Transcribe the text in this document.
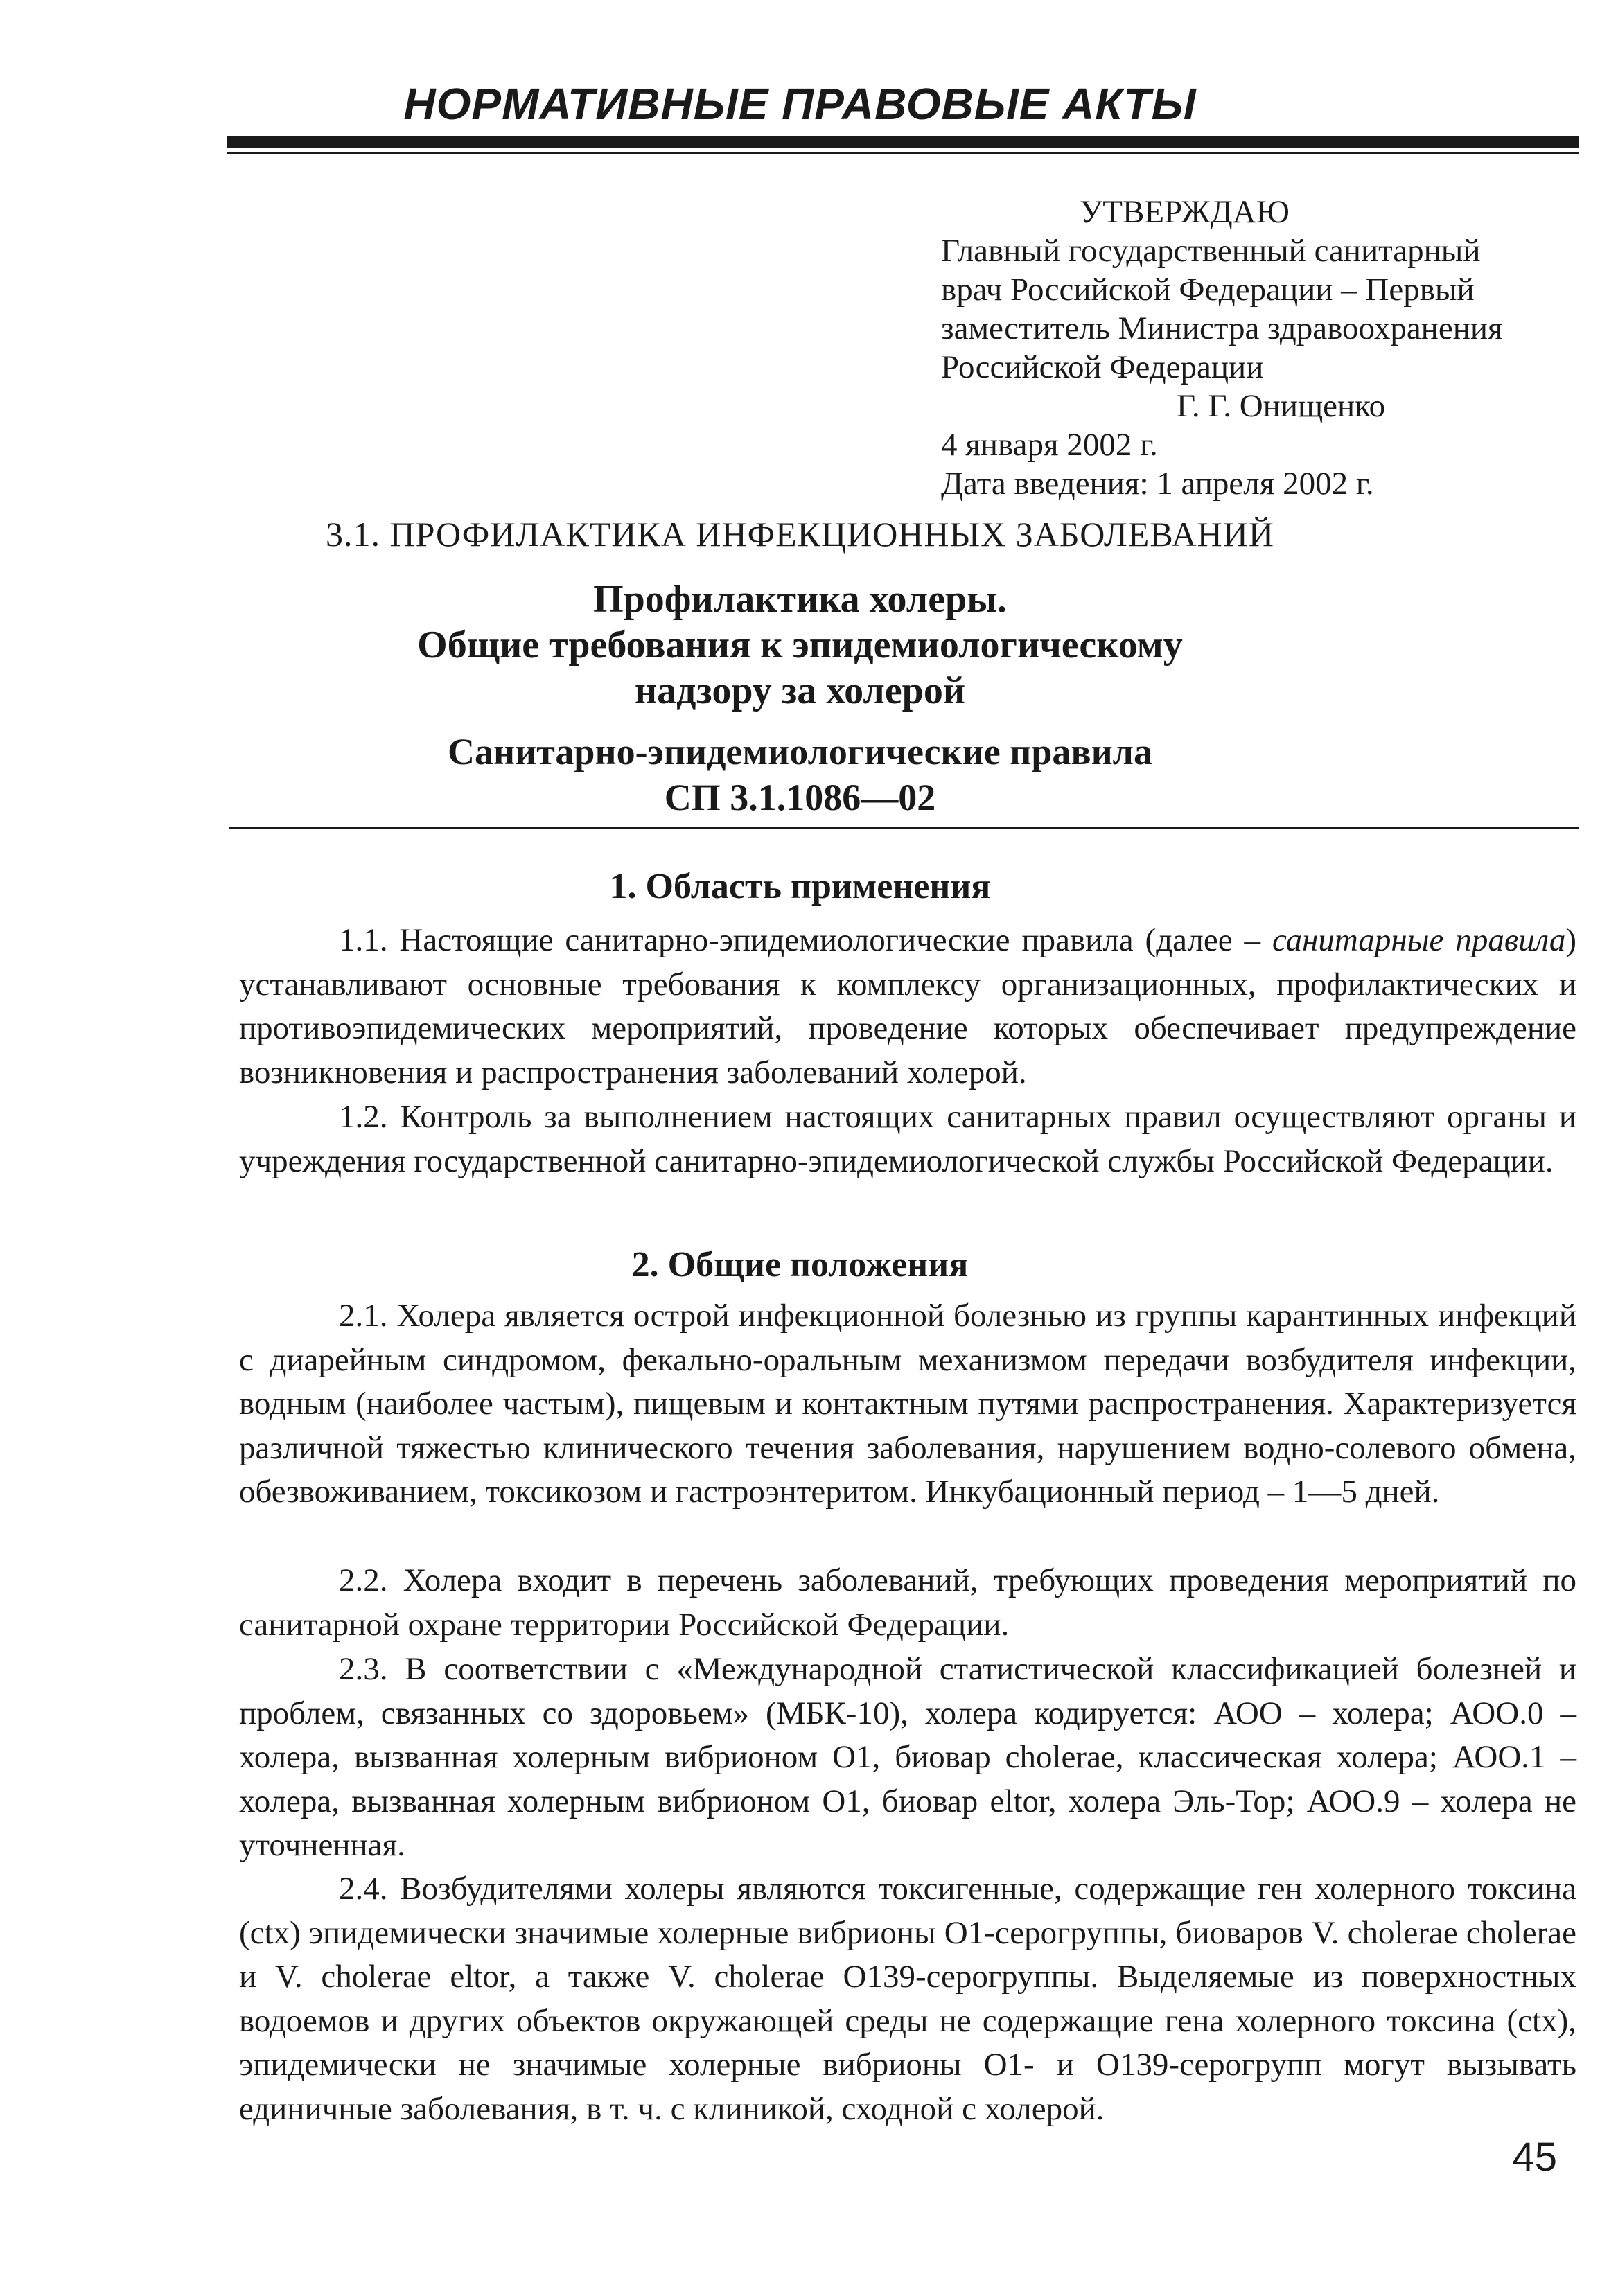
НОРМАТИВНЫЕ ПРАВОВЫЕ АКТЫ
УТВЕРЖДАЮ
Главный государственный санитарный
врач Российской Федерации – Первый
заместитель Министра здравоохранения
Российской Федерации
Г. Г. Онищенко
4 января 2002 г.
Дата введения: 1 апреля 2002 г.
3.1. ПРОФИЛАКТИКА ИНФЕКЦИОННЫХ ЗАБОЛЕВАНИЙ
Профилактика холеры.
Общие требования к эпидемиологическому
надзору за холерой
Санитарно-эпидемиологические правила
СП 3.1.1086—02
1. Область применения
1.1. Настоящие санитарно-эпидемиологические правила (далее – санитарные правила) устанавливают основные требования к комплексу организационных, профилактических и противоэпидемических мероприятий, проведение которых обеспечивает предупреждение возникновения и распространения заболеваний холерой.
1.2. Контроль за выполнением настоящих санитарных правил осуществляют органы и учреждения государственной санитарно-эпидемиологической службы Российской Федерации.
2. Общие положения
2.1. Холера является острой инфекционной болезнью из группы карантинных инфекций с диарейным синдромом, фекально-оральным механизмом передачи возбудителя инфекции, водным (наиболее частым), пищевым и контактным путями распространения. Характеризуется различной тяжестью клинического течения заболевания, нарушением водно-солевого обмена, обезвоживанием, токсикозом и гастроэнтеритом. Инкубационный период – 1—5 дней.
2.2. Холера входит в перечень заболеваний, требующих проведения мероприятий по санитарной охране территории Российской Федерации.
2.3. В соответствии с «Международной статистической классификацией болезней и проблем, связанных со здоровьем» (МБК-10), холера кодируется: АОО – холера; АОО.0 – холера, вызванная холерным вибрионом О1, биовар cholerae, классическая холера; АОО.1 – холера, вызванная холерным вибрионом О1, биовар eltor, холера Эль-Тор; АОО.9 – холера не уточненная.
2.4. Возбудителями холеры являются токсигенные, содержащие ген холерного токсина (ctx) эпидемически значимые холерные вибрионы О1-серогруппы, биоваров V. cholerae cholerae и V. cholerae eltor, а также V. cholerae O139-серогруппы. Выделяемые из поверхностных водоемов и других объектов окружающей среды не содержащие гена холерного токсина (ctx), эпидемически не значимые холерные вибрионы О1- и О139-серогрупп могут вызывать единичные заболевания, в т. ч. с клиникой, сходной с холерой.
45
